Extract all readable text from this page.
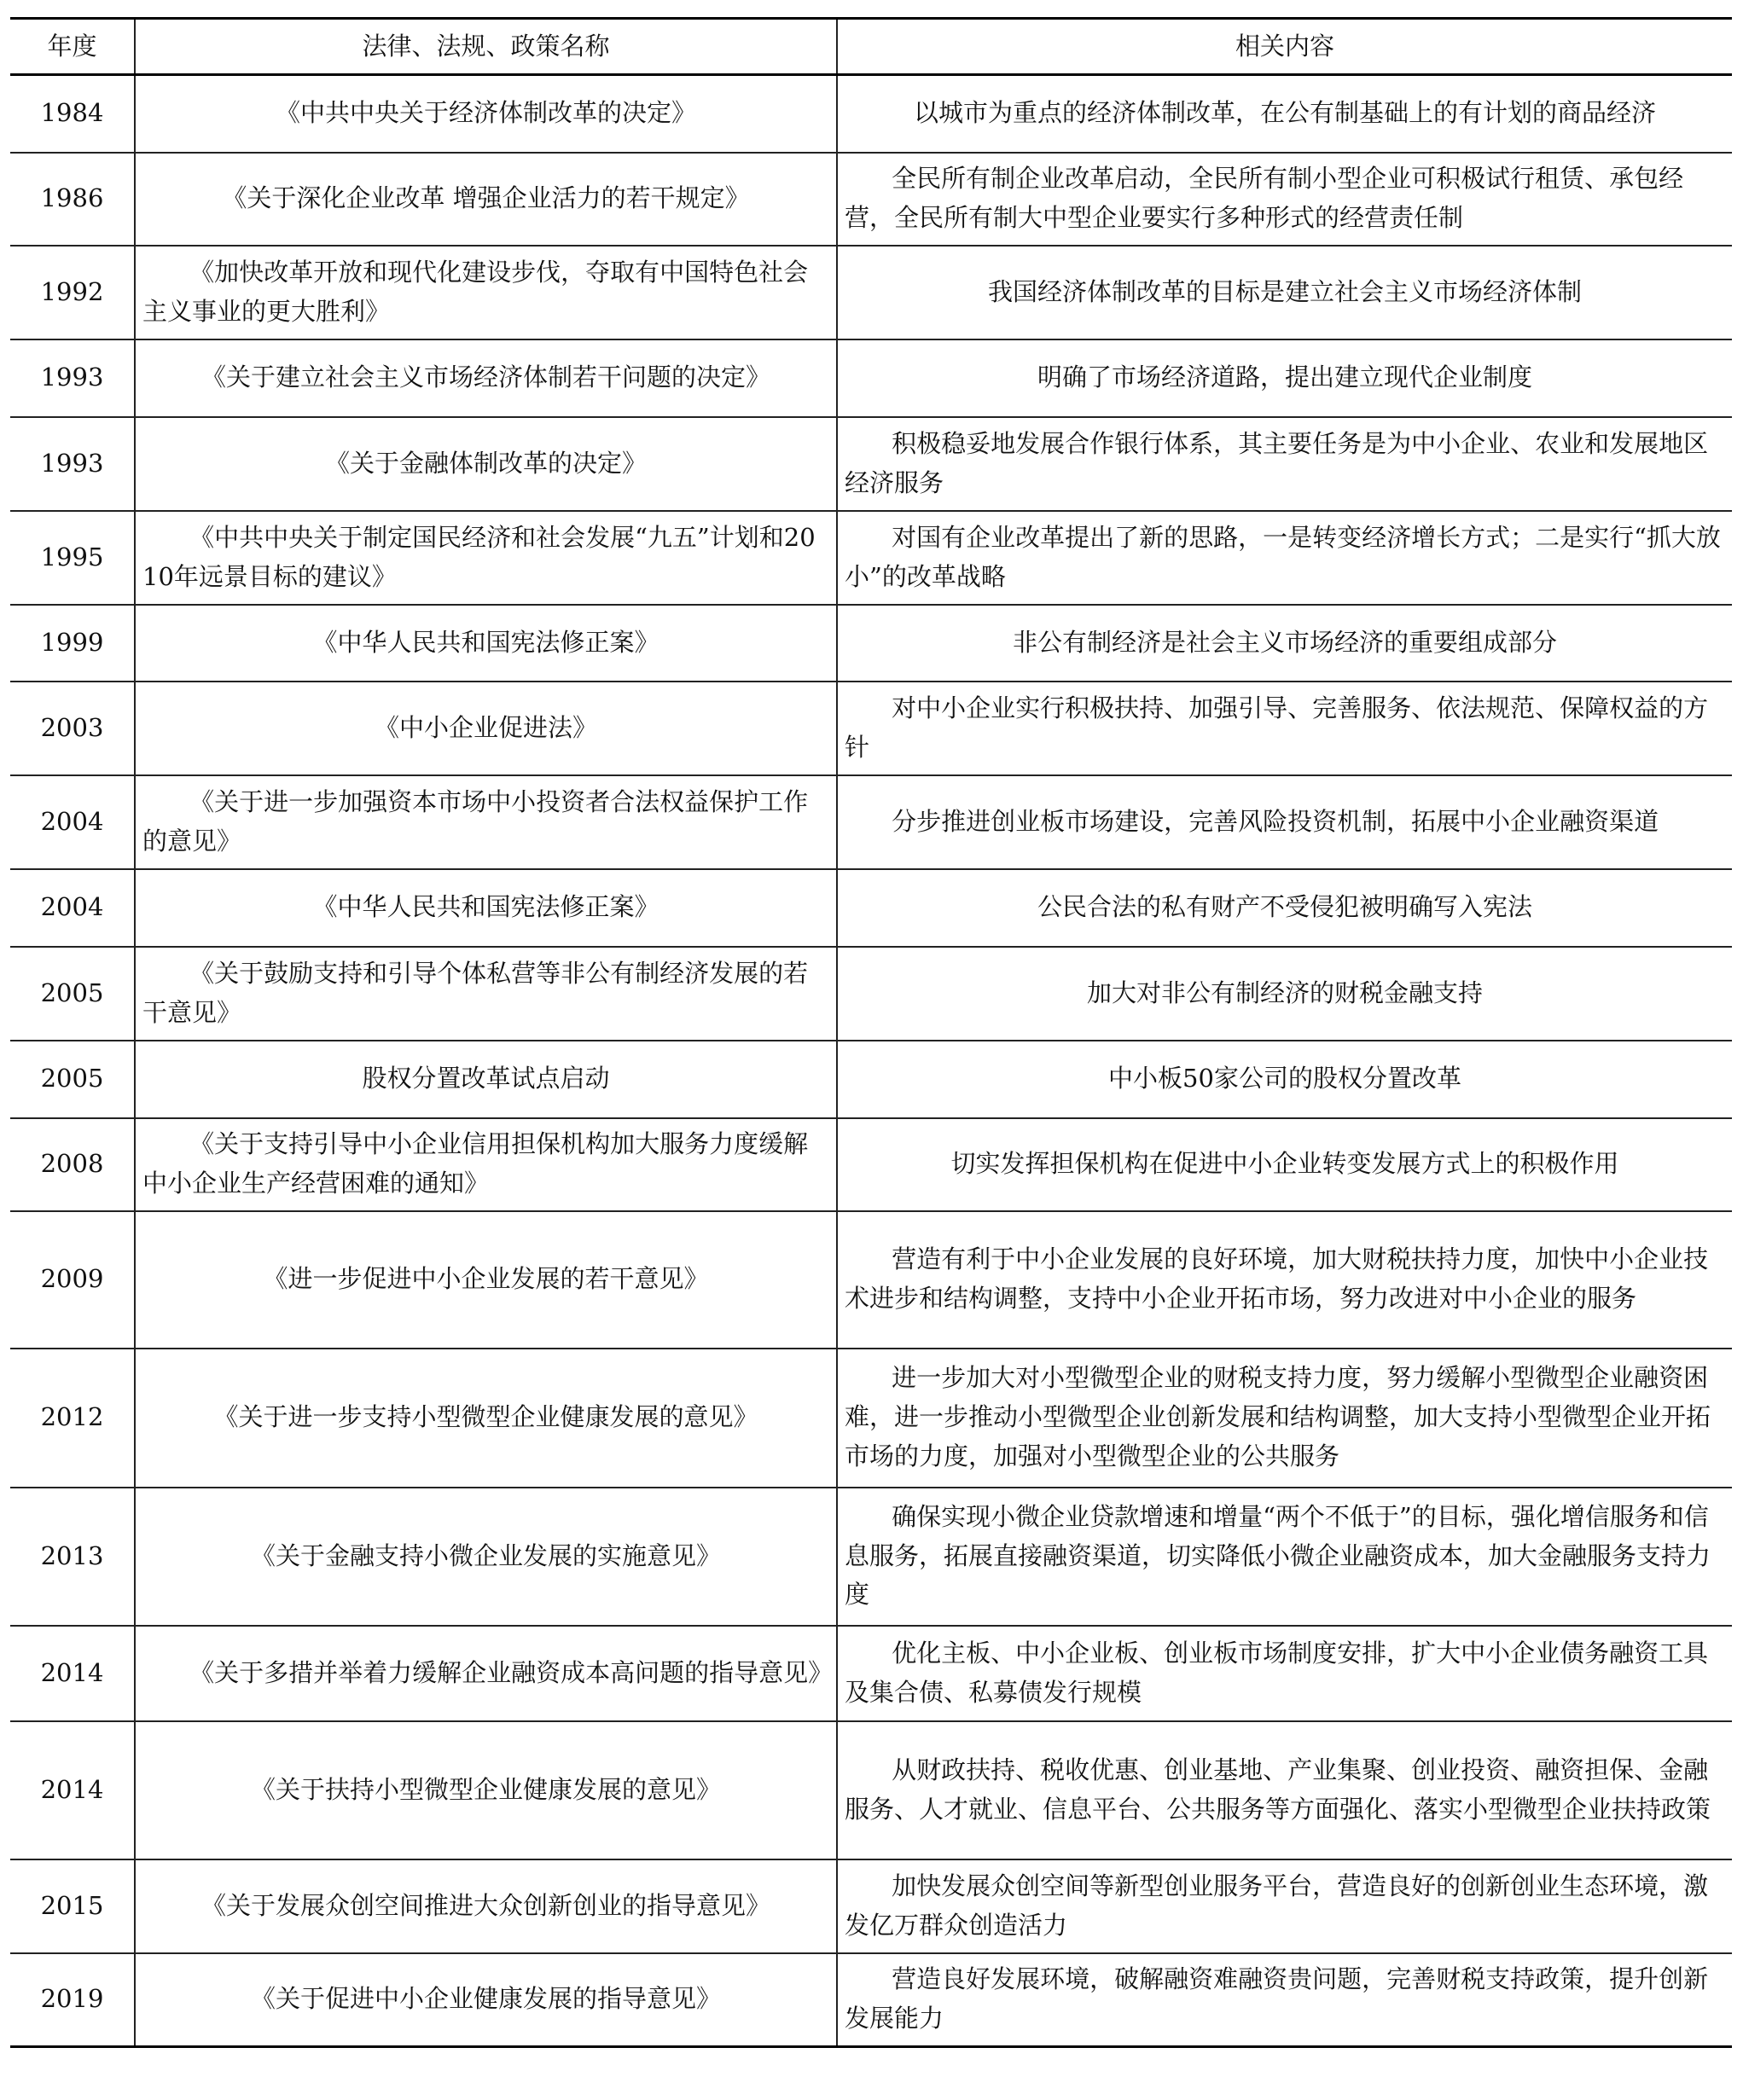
年度	法律、法规、政策名称	相关内容
1984	《中共中央关于经济体制改革的决定》	以城市为重点的经济体制改革，在公有制基础上的有计划的商品经济
1986	《关于深化企业改革 增强企业活力的若干规定》	全民所有制企业改革启动，全民所有制小型企业可积极试行租赁、承包经营，全民所有制大中型企业要实行多种形式的经营责任制
1992	《加快改革开放和现代化建设步伐，夺取有中国特色社会主义事业的更大胜利》	我国经济体制改革的目标是建立社会主义市场经济体制
1993	《关于建立社会主义市场经济体制若干问题的决定》	明确了市场经济道路，提出建立现代企业制度
1993	《关于金融体制改革的决定》	积极稳妥地发展合作银行体系，其主要任务是为中小企业、农业和发展地区经济服务
1995	《中共中央关于制定国民经济和社会发展“九五”计划和2010年远景目标的建议》	对国有企业改革提出了新的思路，一是转变经济增长方式；二是实行“抓大放小”的改革战略
1999	《中华人民共和国宪法修正案》	非公有制经济是社会主义市场经济的重要组成部分
2003	《中小企业促进法》	对中小企业实行积极扶持、加强引导、完善服务、依法规范、保障权益的方针
2004	《关于进一步加强资本市场中小投资者合法权益保护工作的意见》	分步推进创业板市场建设，完善风险投资机制，拓展中小企业融资渠道
2004	《中华人民共和国宪法修正案》	公民合法的私有财产不受侵犯被明确写入宪法
2005	《关于鼓励支持和引导个体私营等非公有制经济发展的若干意见》	加大对非公有制经济的财税金融支持
2005	股权分置改革试点启动	中小板50家公司的股权分置改革
2008	《关于支持引导中小企业信用担保机构加大服务力度缓解中小企业生产经营困难的通知》	切实发挥担保机构在促进中小企业转变发展方式上的积极作用
2009	《进一步促进中小企业发展的若干意见》	营造有利于中小企业发展的良好环境，加大财税扶持力度，加快中小企业技术进步和结构调整，支持中小企业开拓市场，努力改进对中小企业的服务
2012	《关于进一步支持小型微型企业健康发展的意见》	进一步加大对小型微型企业的财税支持力度，努力缓解小型微型企业融资困难，进一步推动小型微型企业创新发展和结构调整，加大支持小型微型企业开拓市场的力度，加强对小型微型企业的公共服务
2013	《关于金融支持小微企业发展的实施意见》	确保实现小微企业贷款增速和增量“两个不低于”的目标，强化增信服务和信息服务，拓展直接融资渠道，切实降低小微企业融资成本，加大金融服务支持力度
2014	《关于多措并举着力缓解企业融资成本高问题的指导意见》	优化主板、中小企业板、创业板市场制度安排，扩大中小企业债务融资工具及集合债、私募债发行规模
2014	《关于扶持小型微型企业健康发展的意见》	从财政扶持、税收优惠、创业基地、产业集聚、创业投资、融资担保、金融服务、人才就业、信息平台、公共服务等方面强化、落实小型微型企业扶持政策
2015	《关于发展众创空间推进大众创新创业的指导意见》	加快发展众创空间等新型创业服务平台，营造良好的创新创业生态环境，激发亿万群众创造活力
2019	《关于促进中小企业健康发展的指导意见》	营造良好发展环境，破解融资难融资贵问题，完善财税支持政策，提升创新发展能力
